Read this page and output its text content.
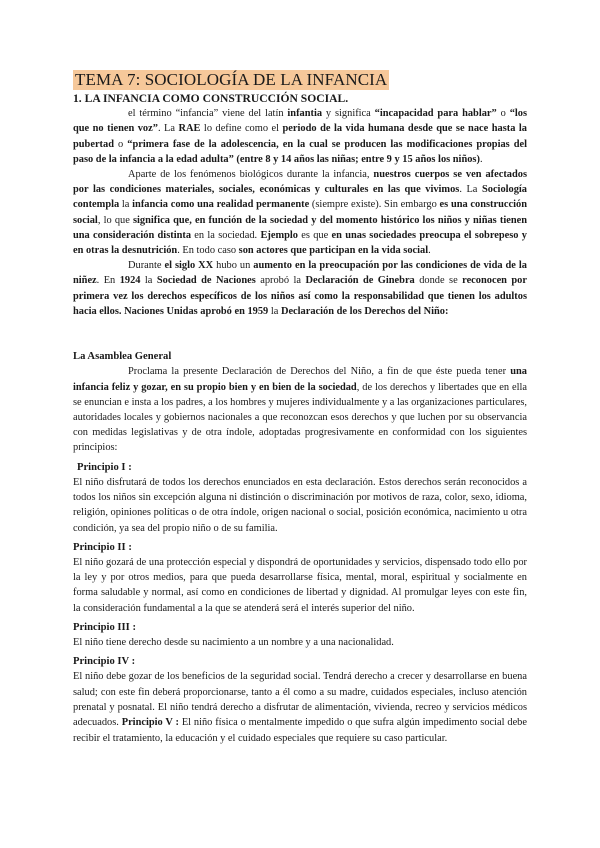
TEMA 7: SOCIOLOGÍA DE LA INFANCIA
1. LA INFANCIA COMO CONSTRUCCIÓN SOCIAL.

el término “infancia” viene del latín infantia y significa “incapacidad para hablar” o “los que no tienen voz”. La RAE lo define como el periodo de la vida humana desde que se nace hasta la pubertad o “primera fase de la adolescencia, en la cual se producen las modificaciones propias del paso de la infancia a la edad adulta” (entre 8 y 14 años las niñas; entre 9 y 15 años los niños).

Aparte de los fenómenos biológicos durante la infancia, nuestros cuerpos se ven afectados por las condiciones materiales, sociales, económicas y culturales en las que vivimos. La Sociología contempla la infancia como una realidad permanente (siempre existe). Sin embargo es una construcción social, lo que significa que, en función de la sociedad y del momento histórico los niños y niñas tienen una consideración distinta en la sociedad. Ejemplo es que en unas sociedades preocupa el sobrepeso y en otras la desnutrición. En todo caso son actores que participan en la vida social.

Durante el siglo XX hubo un aumento en la preocupación por las condiciones de vida de la niñez. En 1924 la Sociedad de Naciones aprobó la Declaración de Ginebra donde se reconocen por primera vez los derechos específicos de los niños así como la responsabilidad que tienen los adultos hacia ellos. Naciones Unidas aprobó en 1959 la Declaración de los Derechos del Niño:

La Asamblea General

Proclama la presente Declaración de Derechos del Niño, a fin de que éste pueda tener una infancia feliz y gozar, en su propio bien y en bien de la sociedad, de los derechos y libertades que en ella se enuncian e insta a los padres, a los hombres y mujeres individualmente y a las organizaciones particulares, autoridades locales y gobiernos nacionales a que reconozcan esos derechos y que luchen por su observancia con medidas legislativas y de otra índole, adoptadas progresivamente en conformidad con los siguientes principios:

Principio I :

El niño disfrutará de todos los derechos enunciados en esta declaración. Estos derechos serán reconocidos a todos los niños sin excepción alguna ni distinción o discriminación por motivos de raza, color, sexo, idioma, religión, opiniones políticas o de otra índole, origen nacional o social, posición económica, nacimiento u otra condición, ya sea del propio niño o de su familia.

Principio II :

El niño gozará de una protección especial y dispondrá de oportunidades y servicios, dispensado todo ello por la ley y por otros medios, para que pueda desarrollarse física, mental, moral, espiritual y socialmente en forma saludable y normal, así como en condiciones de libertad y dignidad. Al promulgar leyes con este fin, la consideración fundamental a la que se atenderá será el interés superior del niño.

Principio III :

El niño tiene derecho desde su nacimiento a un nombre y a una nacionalidad.

Principio IV :

El niño debe gozar de los beneficios de la seguridad social. Tendrá derecho a crecer y desarrollarse en buena salud; con este fin deberá proporcionarse, tanto a él como a su madre, cuidados especiales, incluso atención prenatal y posnatal. El niño tendrá derecho a disfrutar de alimentación, vivienda, recreo y servicios médicos adecuados. Principio V : El niño física o mentalmente impedido o que sufra algún impedimento social debe recibir el tratamiento, la educación y el cuidado especiales que requiere su caso particular.
